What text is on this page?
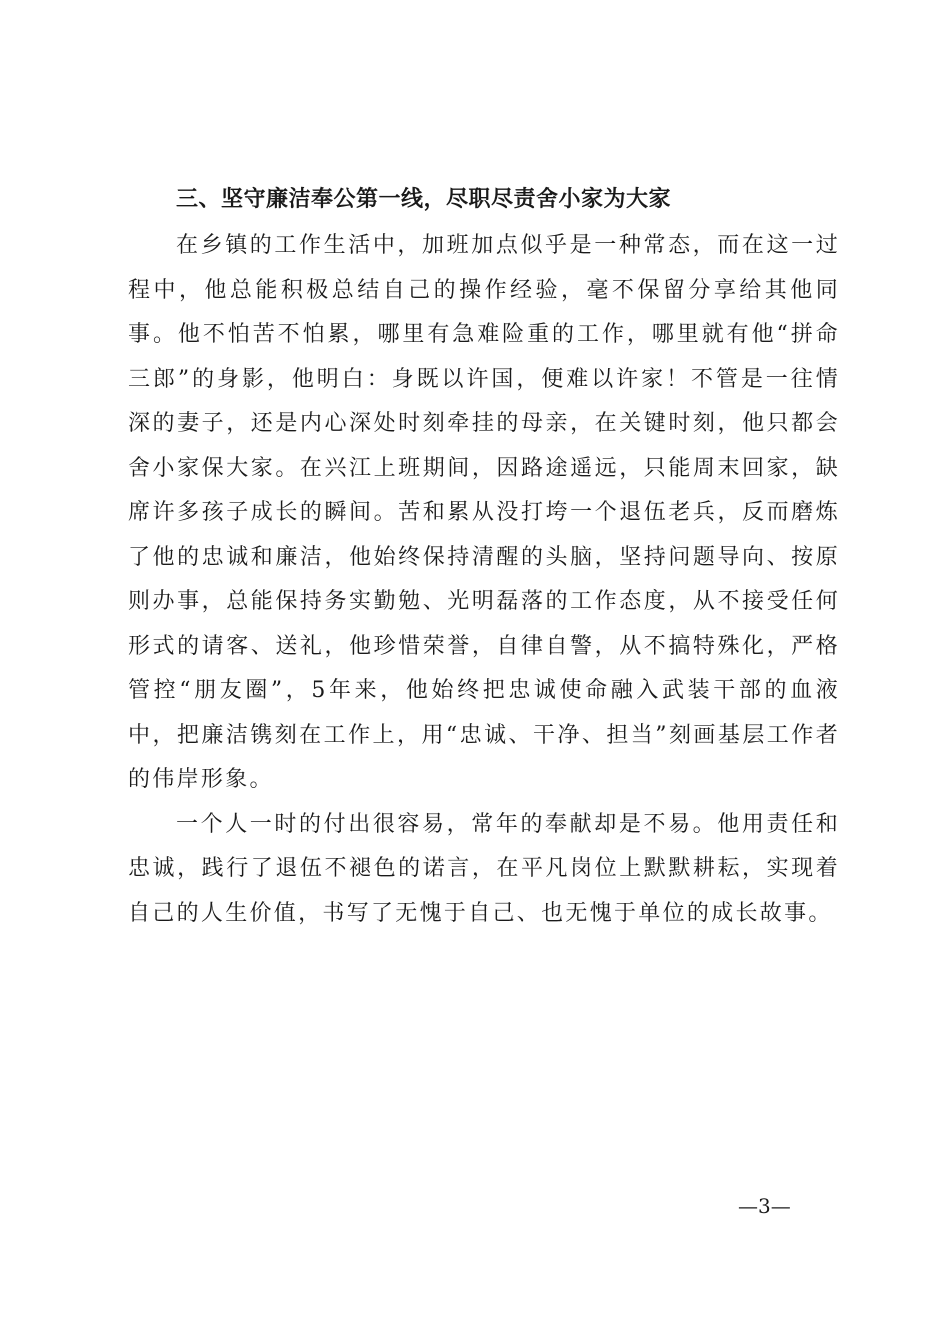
三、坚守廉洁奉公第一线，尽职尽责舍小家为大家

在乡镇的工作生活中，加班加点似乎是一种常态，而在这一过程中，他总能积极总结自己的操作经验，毫不保留分享给其他同事。他不怕苦不怕累，哪里有急难险重的工作，哪里就有他“拼命三郎”的身影，他明白：身既以许国，便难以许家！不管是一往情深的妻子，还是内心深处时刻牵挂的母亲，在关键时刻，他只都会舍小家保大家。在兴江上班期间，因路途遥远，只能周末回家，缺席许多孩子成长的瞬间。苦和累从没打垮一个退伍老兵，反而磨炼了他的忠诚和廉洁，他始终保持清醒的头脑，坚持问题导向、按原则办事，总能保持务实勤勉、光明磊落的工作态度，从不接受任何形式的请客、送礼，他珍惜荣誉，自律自警，从不搞特殊化，严格管控“朋友圈”，5年来，他始终把忠诚使命融入武装干部的血液中，把廉洁镌刻在工作上，用“忠诚、干净、担当”刻画基层工作者的伟岸形象。

一个人一时的付出很容易，常年的奉献却是不易。他用责任和忠诚，践行了退伍不褪色的诺言，在平凡岗位上默默耕耘，实现着自己的人生价值，书写了无愧于自己、也无愧于单位的成长故事。

—3—
